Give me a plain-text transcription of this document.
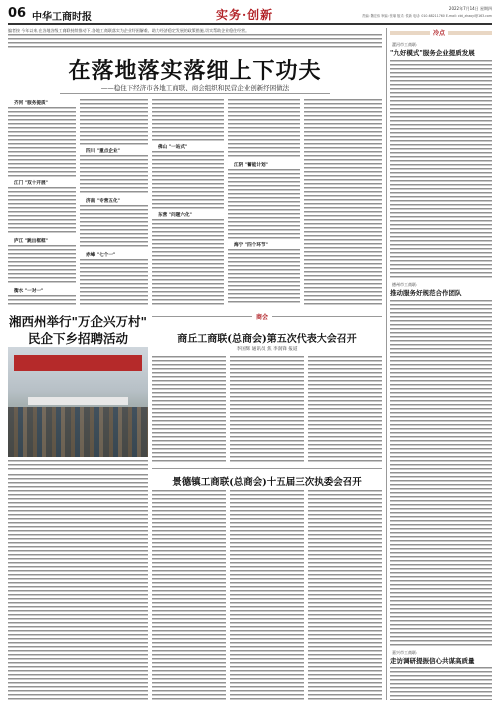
06 中华工商时报	实务·创新	2022年7月14日 星期四
责编: 魏宏伟 审编: 张瑜 版式: 侯新 电话: 010-68211760 E-mail: cbt_zhaoyi@163.com
编者按 今年以来,在各地各级工商联持续推动下,各地工商联落实为企业纾困解难、助力经济稳定发展的政策措施,切实帮助企业稳住经营。
在落地落实落细上下功夫
——稳住下经济市各地工商联、商会组织和民营企业创新纾困做法
齐河 "服务提质"
江门 "双十开展"
庐江 "跳出框框"
衡水 "一对一"
四川 "重点企业"
济南 "专营五化"
赤峰 "七个一"
佛山 "一站式"
东营 "问题六化"
江阴 "蓄能计划"
海宁 "四个环节"
湘西州举行"万企兴万村"
民企下乡招聘活动
商会
商丘工商联(总商会)第五次代表大会召开
李国辉 通讯员 焦 李润锋 报道
景德镇工商联(总商会)十五届三次执委会召开
冷点
漯河市工商联:
"九好模式"服务企业提质发展
德州市工商联:
推动服务好规范合作团队
嘉兴市工商联:
走访调研提振信心共谋高质量
